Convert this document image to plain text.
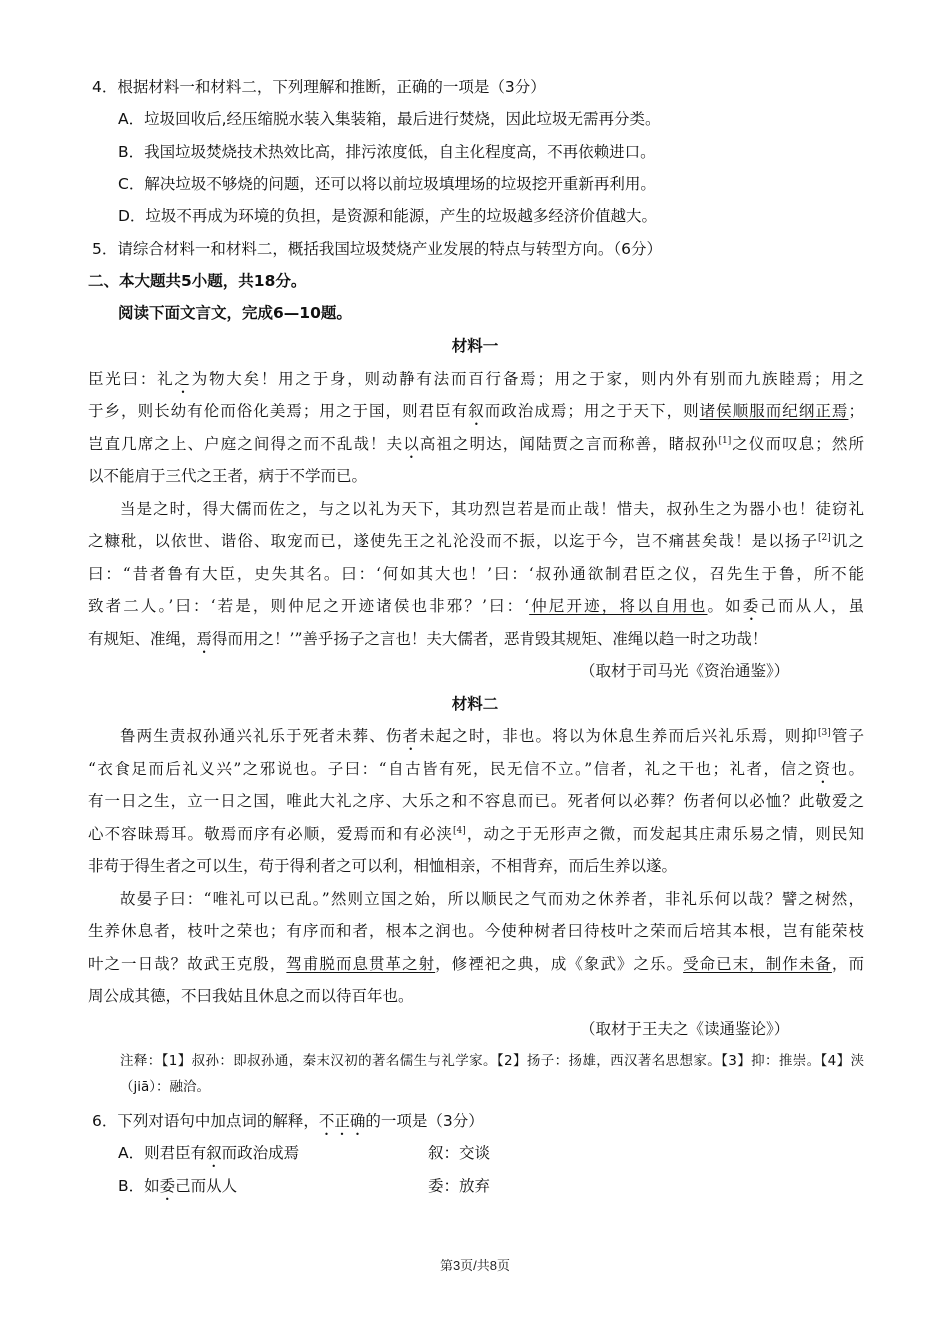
4．根据材料一和材料二，下列理解和推断，正确的一项是（3分）
A．垃圾回收后,经压缩脱水装入集装箱，最后进行焚烧，因此垃圾无需再分类。
B．我国垃圾焚烧技术热效比高，排污浓度低，自主化程度高，不再依赖进口。
C．解决垃圾不够烧的问题，还可以将以前垃圾填埋场的垃圾挖开重新再利用。
D．垃圾不再成为环境的负担，是资源和能源，产生的垃圾越多经济价值越大。
5．请综合材料一和材料二，概括我国垃圾焚烧产业发展的特点与转型方向。（6分）
二、本大题共5小题，共18分。
阅读下面文言文，完成6—10题。
材料一
臣光曰：礼之为物大矣！用之于身，则动静有法而百行备焉；用之于家，则内外有别而九族睦焉；用之
于乡，则长幼有伦而俗化美焉；用之于国，则君臣有叙而政治成焉；用之于天下，则诸侯顺服而纪纲正焉；
岂直几席之上、户庭之间得之而不乱哉！夫以高祖之明达，闻陆贾之言而称善，睹叔孙[1]之仪而叹息；然所
以不能肩于三代之王者，病于不学而已。
当是之时，得大儒而佐之，与之以礼为天下，其功烈岂若是而止哉！惜夫，叔孙生之为器小也！徒窃礼
之糠秕，以依世、谐俗、取宠而已，遂使先王之礼沦没而不振，以迄于今，岂不痛甚矣哉！是以扬子[2]讥之
曰：“昔者鲁有大臣，史失其名。曰：‘何如其大也！’曰：‘叔孙通欲制君臣之仪，召先生于鲁，所不能
致者二人。’曰：‘若是，则仲尼之开迹诸侯也非邪？’曰：‘仲尼开迹，将以自用也。如委己而从人，虽
有规矩、准绳，焉得而用之！’”善乎扬子之言也！夫大儒者，恶肯毁其规矩、准绳以趋一时之功哉！
（取材于司马光《资治通鉴》）
材料二
鲁两生责叔孙通兴礼乐于死者未葬、伤者未起之时，非也。将以为休息生养而后兴礼乐焉，则抑[3]管子
“衣食足而后礼义兴”之邪说也。子曰：“自古皆有死，民无信不立。”信者，礼之干也；礼者，信之资也。
有一日之生，立一日之国，唯此大礼之序、大乐之和不容息而已。死者何以必葬？伤者何以必恤？此敬爱之
心不容昧焉耳。敬焉而序有必顺，爱焉而和有必浃[4]，动之于无形声之微，而发起其庄肃乐易之情，则民知
非苟于得生者之可以生，苟于得利者之可以利，相恤相亲，不相背弃，而后生养以遂。
故晏子曰：“唯礼可以已乱。”然则立国之始，所以顺民之气而劝之休养者，非礼乐何以哉？譬之树然，
生养休息者，枝叶之荣也；有序而和者，根本之润也。今使种树者曰待枝叶之荣而后培其本根，岂有能荣枝
叶之一日哉？故武王克殷，驾甫脱而息贯革之射，修禋祀之典，成《象武》之乐。受命已末，制作未备，而
周公成其德，不曰我姑且休息之而以待百年也。
（取材于王夫之《读通鉴论》）
注释：【1】叔孙：即叔孙通，秦末汉初的著名儒生与礼学家。【2】扬子：扬雄，西汉著名思想家。【3】抑：推崇。【4】浃
（jiā）：融洽。
6．下列对语句中加点词的解释，不正确的一项是（3分）
A．则君臣有叙而政治成焉	叙：交谈
B．如委己而从人	委：放弃
第3页/共8页
